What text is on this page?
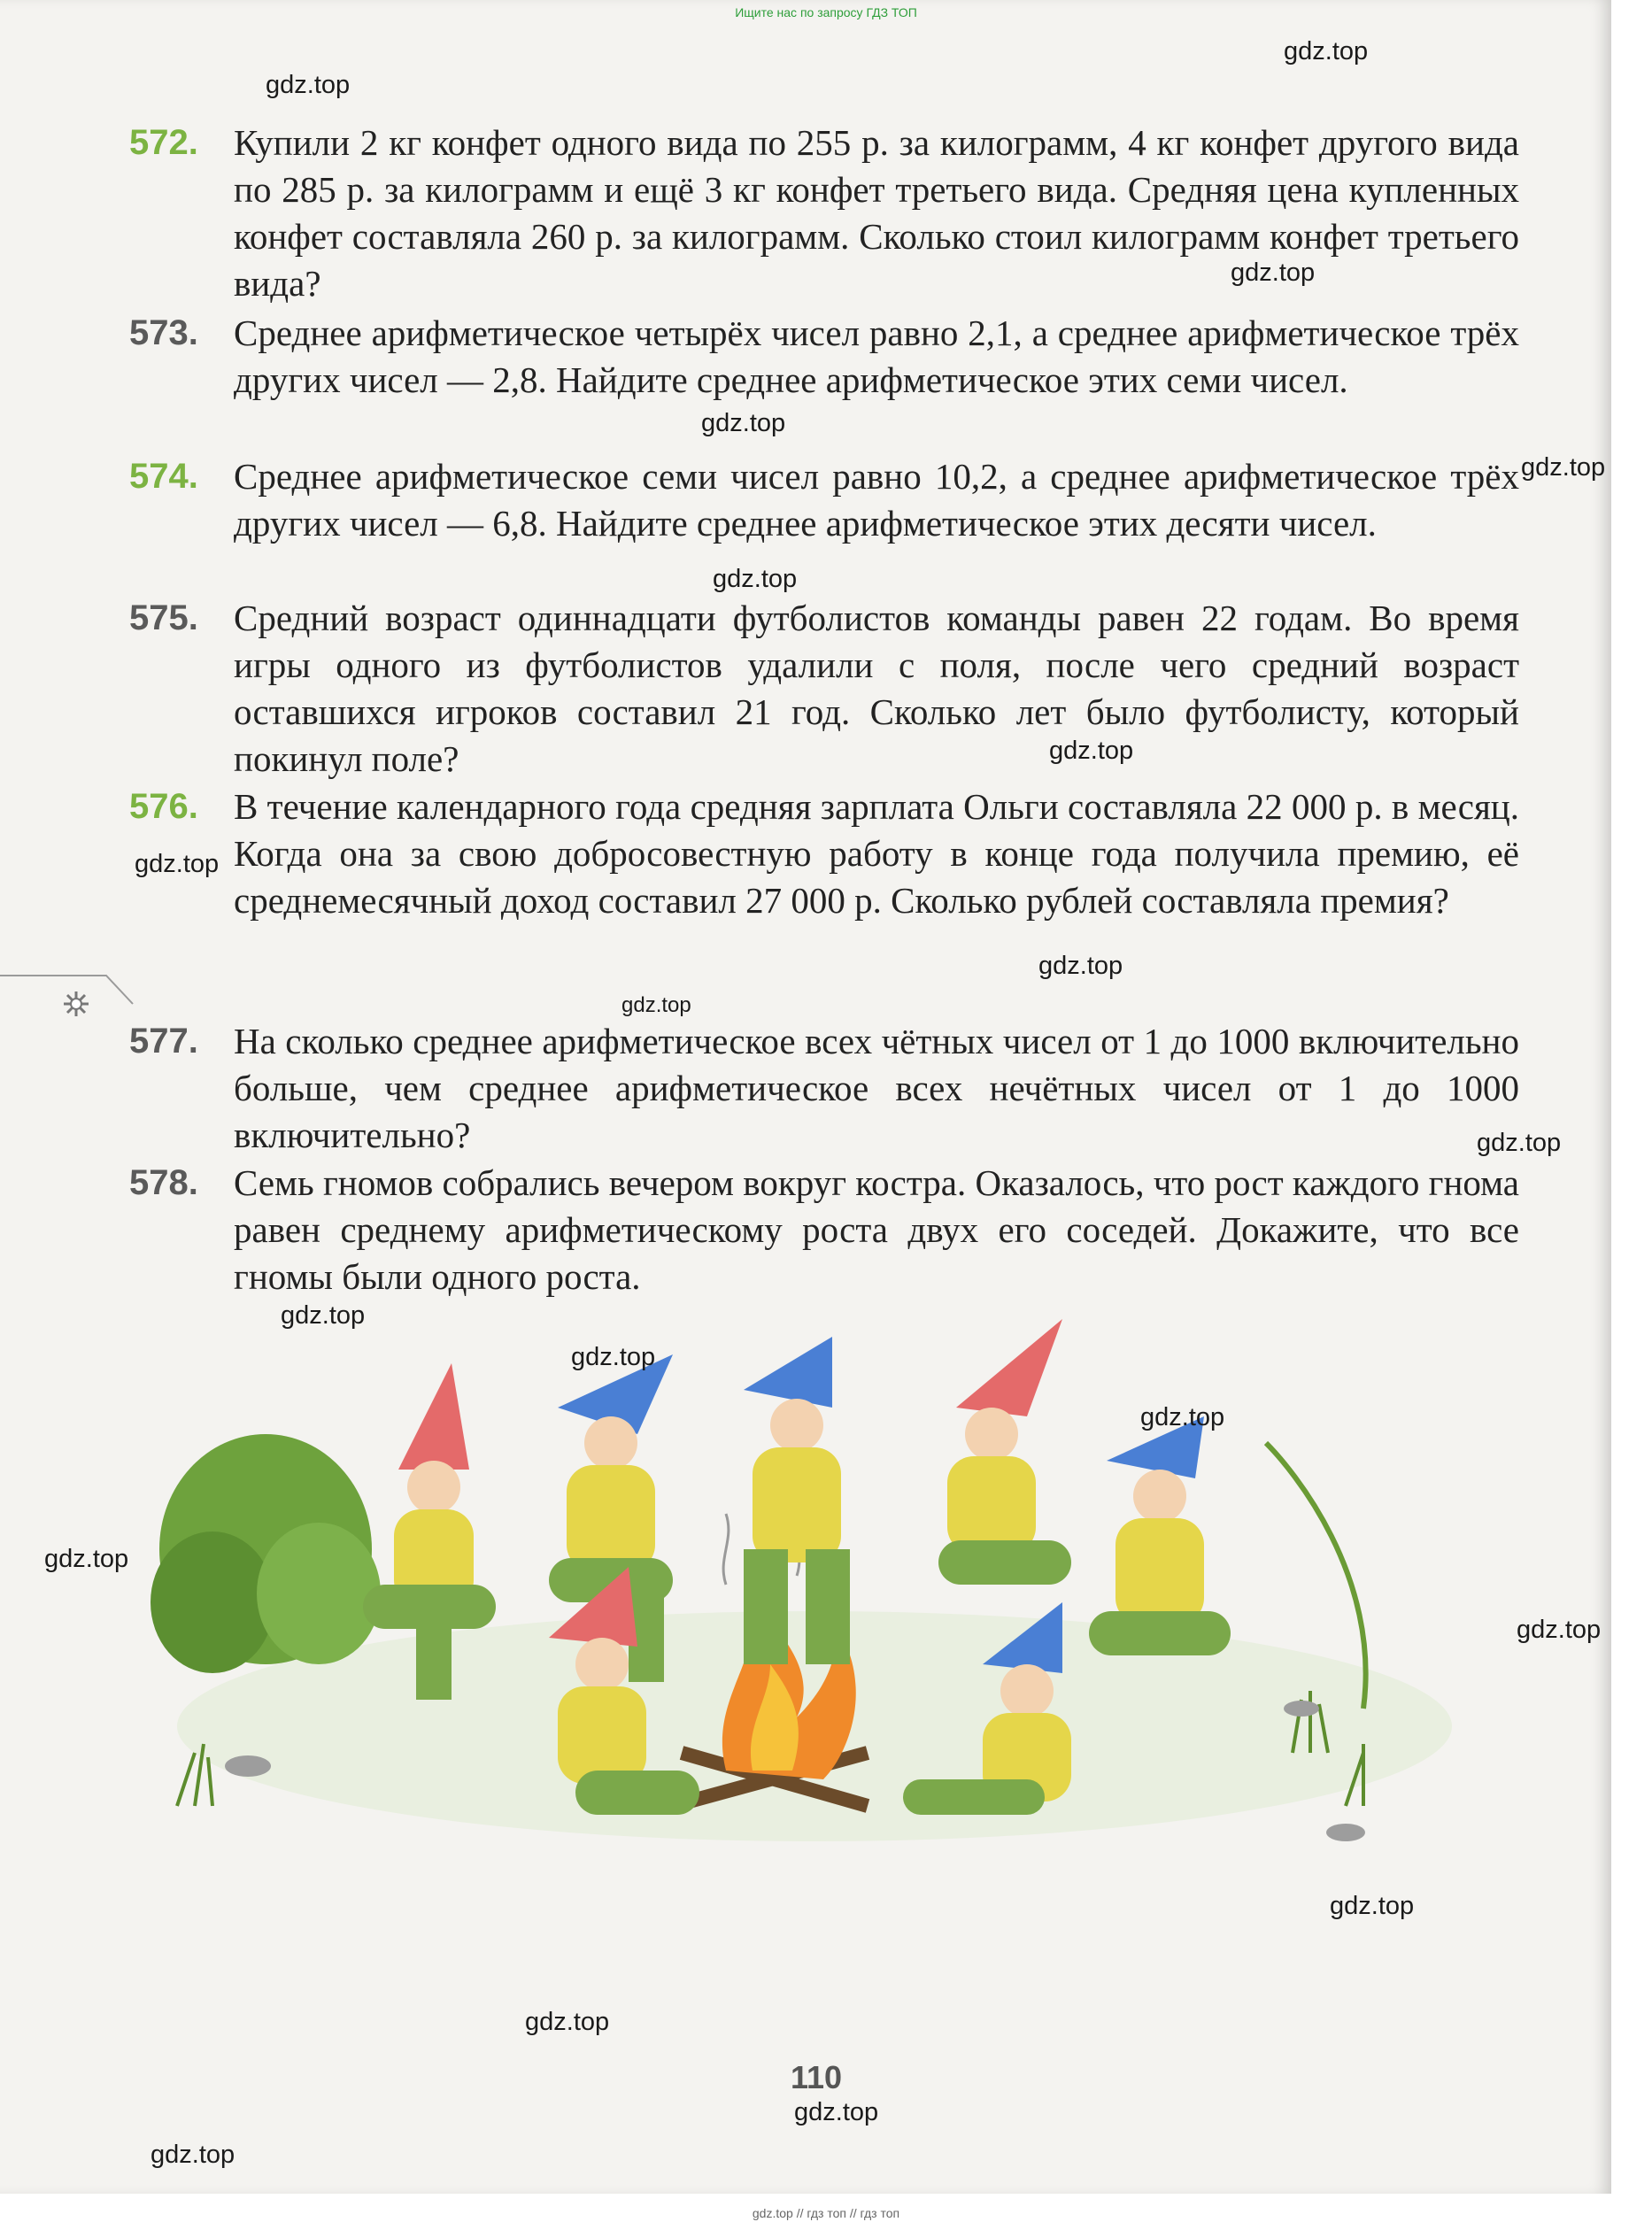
Ищите нас по запросу ГДЗ ТОП
572. Купили 2 кг конфет одного вида по 255 р. за килограмм, 4 кг конфет другого вида по 285 р. за килограмм и ещё 3 кг конфет третьего вида. Средняя цена купленных конфет составляла 260 р. за килограмм. Сколько стоил килограмм конфет третьего вида?
573. Среднее арифметическое четырёх чисел равно 2,1, а среднее арифметическое трёх других чисел — 2,8. Найдите среднее арифметическое этих семи чисел.
574. Среднее арифметическое семи чисел равно 10,2, а среднее арифметическое трёх других чисел — 6,8. Найдите среднее арифметическое этих десяти чисел.
575. Средний возраст одиннадцати футболистов команды равен 22 годам. Во время игры одного из футболистов удалили с поля, после чего средний возраст оставшихся игроков составил 21 год. Сколько лет было футболисту, который покинул поле?
576. В течение календарного года средняя зарплата Ольги составляла 22 000 р. в месяц. Когда она за свою добросовестную работу в конце года получила премию, её среднемесячный доход составил 27 000 р. Сколько рублей составляла премия?
577. На сколько среднее арифметическое всех чётных чисел от 1 до 1000 включительно больше, чем среднее арифметическое всех нечётных чисел от 1 до 1000 включительно?
578. Семь гномов собрались вечером вокруг костра. Оказалось, что рост каждого гнома равен среднему арифметическому роста двух его соседей. Докажите, что все гномы были одного роста.
110
gdz.top
gdz.top
gdz.top
gdz.top
gdz.top
gdz.top
gdz.top
gdz.top
gdz.top
gdz.top
gdz.top
gdz.top
gdz.top
gdz.top
gdz.top
gdz.top
gdz.top
gdz.top
gdz.top
gdz.top
gdz.top // гдз топ // гдз топ
